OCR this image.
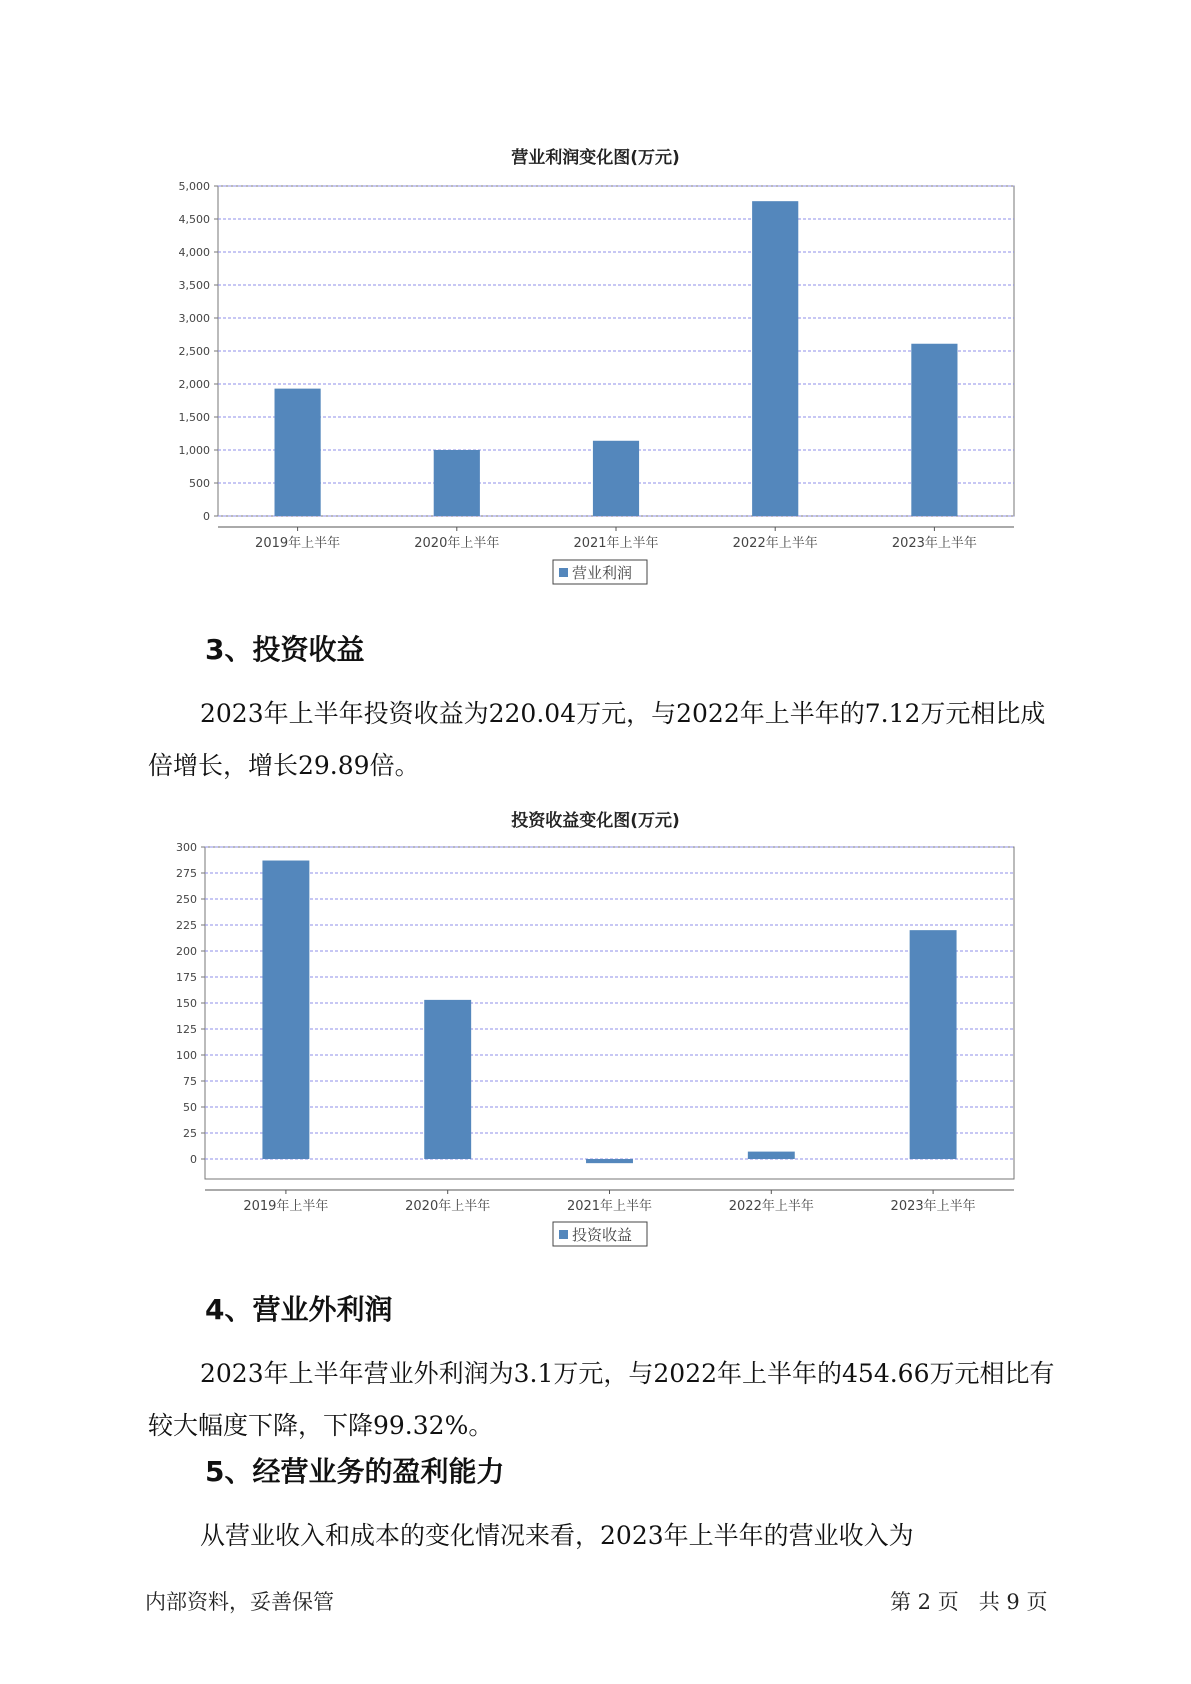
营业利润变化图(万元)
0
500
1,000
1,500
2,000
2,500
3,000
3,500
4,000
4,500
5,000
2019年上半年	2020年上半年	2021年上半年	2022年上半年	2023年上半年
营业利润
3、投资收益
2023年上半年投资收益为220.04万元，与2022年上半年的7.12万元相比成倍增长，增长29.89倍。
投资收益变化图(万元)
0
25
50
75
100
125
150
175
200
225
250
275
300
2019年上半年	2020年上半年	2021年上半年	2022年上半年	2023年上半年
投资收益
4、营业外利润
2023年上半年营业外利润为3.1万元，与2022年上半年的454.66万元相比有较大幅度下降，下降99.32%。
5、经营业务的盈利能力
从营业收入和成本的变化情况来看，2023年上半年的营业收入为
内部资料，妥善保管	第 2 页   共 9 页
